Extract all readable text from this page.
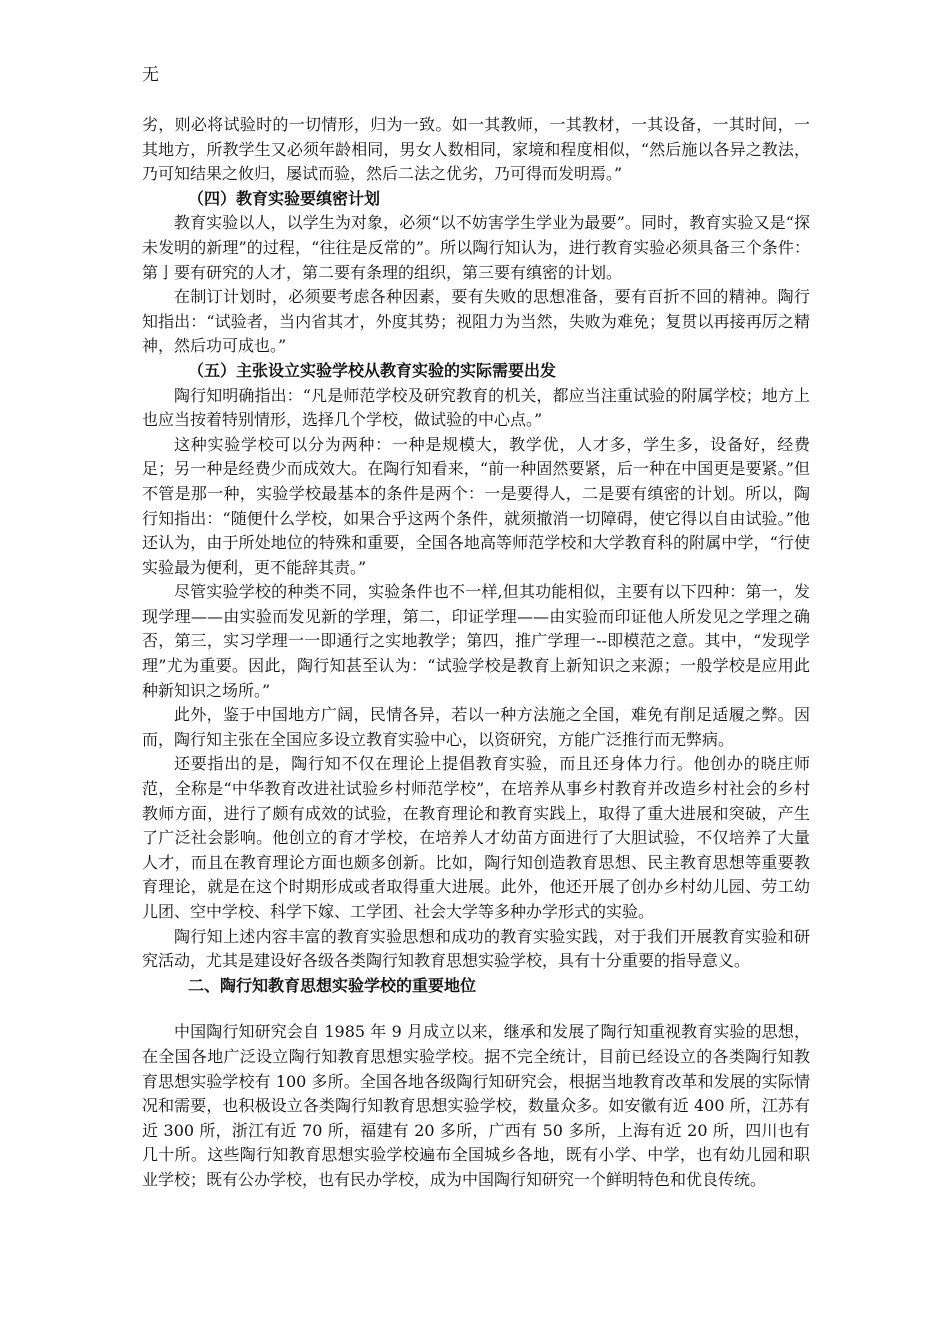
无

劣，则必将试验时的一切情形，归为一致。如一其教师，一其教材，一其设备，一其时间，一其地方，所教学生又必须年龄相同，男女人数相同，家境和程度相似，“然后施以各异之教法，乃可知结果之攸归，屡试而验，然后二法之优劣，乃可得而发明焉。”

（四）教育实验要缜密计划

教育实验以人，以学生为对象，必须“以不妨害学生学业为最要”。同时，教育实验又是“探未发明的新理”的过程，“往往是反常的”。所以陶行知认为，进行教育实验必须具备三个条件：第亅要有研究的人才，第二要有条理的组织，第三要有缜密的计划。

在制订计划时，必须要考虑各种因素，要有失败的思想准备，要有百折不回的精神。陶行知指出：“试验者，当内省其才，外度其势；视阻力为当然，失败为难免；复贯以再接再厉之精神，然后功可成也。”

（五）主张设立实验学校从教育实验的实际需要出发

陶行知明确指出：“凡是师范学校及研究教育的机关，都应当注重试验的附属学校；地方上也应当按着特别情形，选择几个学校，做试验的中心点。”

这种实验学校可以分为两种：一种是规模大，教学优，人才多，学生多，设备好，经费足；另一种是经费少而成效大。在陶行知看来，“前一种固然要紧，后一种在中国更是要紧。”但不管是那一种，实验学校最基本的条件是两个：一是要得人，二是要有缜密的计划。所以，陶行知指出：“随便什么学校，如果合乎这两个条件，就须撤消一切障碍，使它得以自由试验。”他还认为，由于所处地位的特殊和重要，全国各地高等师范学校和大学教育科的附属中学，“行使实验最为便利，更不能辞其责。”

尽管实验学校的种类不同，实验条件也不一样,但其功能相似，主要有以下四种：第一，发现学理——由实验而发见新的学理，第二，印证学理——由实验而印证他人所发见之学理之确否，第三，实习学理一一即通行之实地教学；第四，推广学理一--即模范之意。其中，“发现学理”尤为重要。因此，陶行知甚至认为：“试验学校是教育上新知识之来源；一般学校是应用此种新知识之场所。”

此外，鉴于中国地方广阔，民情各异，若以一种方法施之全国，难免有削足适履之弊。因而，陶行知主张在全国应多设立教育实验中心，以资研究，方能广泛推行而无弊病。

还要指出的是，陶行知不仅在理论上提倡教育实验，而且还身体力行。他创办的晓庄师范，全称是“中华教育改进社试验乡村师范学校”，在培养从事乡村教育并改造乡村社会的乡村教师方面，进行了颇有成效的试验，在教育理论和教育实践上，取得了重大进展和突破，产生了广泛社会影响。他创立的育才学校，在培养人才幼苗方面进行了大胆试验，不仅培养了大量人才，而且在教育理论方面也颇多创新。比如，陶行知创造教育思想、民主教育思想等重要教育理论，就是在这个时期形成或者取得重大进展。此外，他还开展了创办乡村幼儿园、劳工幼儿团、空中学校、科学下嫁、工学团、社会大学等多种办学形式的实验。

陶行知上述内容丰富的教育实验思想和成功的教育实验实践，对于我们开展教育实验和研究活动，尤其是建设好各级各类陶行知教育思想实验学校，具有十分重要的指导意义。

二、陶行知教育思想实验学校的重要地位

中国陶行知研究会自 1985 年 9 月成立以来，继承和发展了陶行知重视教育实验的思想，在全国各地广泛设立陶行知教育思想实验学校。据不完全统计，目前已经设立的各类陶行知教育思想实验学校有 100 多所。全国各地各级陶行知研究会，根据当地教育改革和发展的实际情况和需要，也积极设立各类陶行知教育思想实验学校，数量众多。如安徽有近 400 所，江苏有近 300 所，浙江有近 70 所，福建有 20 多所，广西有 50 多所，上海有近 20 所，四川也有几十所。这些陶行知教育思想实验学校遍布全国城乡各地，既有小学、中学，也有幼儿园和职业学校；既有公办学校，也有民办学校，成为中国陶行知研究一个鲜明特色和优良传统。
